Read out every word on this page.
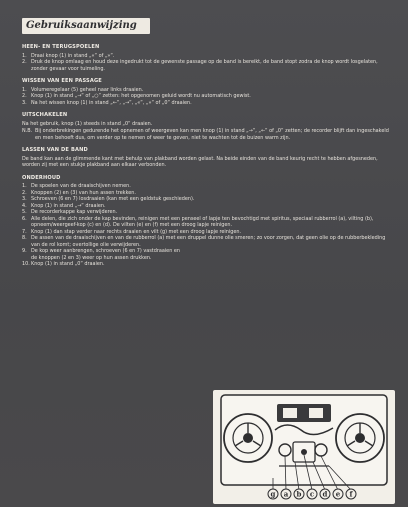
Gebruiksaanwijzing
HEEN- EN TERUGSPOELEN
1. Draai knop (1) in stand „«“ of „»“.
2. Druk de knop omlaag en houd deze ingedrukt tot de gewenste passage op de band is bereikt, de band stopt zodra de knop wordt losgelaten, zonder gevaar voor tuimeling.
WISSEN VAN EEN PASSAGE
1. Volumeregelaar (5) geheel naar links draaien.
2. Knop (1) in stand „→“ of „○“ zetten: het opgenomen geluid wordt nu automatisch gewist.
3. Na het wissen knop (1) in stand „←“, „→“, „«“, „»“ of „0“ draaien.
UITSCHAKELEN

Na het gebruik, knop (1) steeds in stand „0“ draaien.

N.B. Bij onderbrekingen gedurende het opnemen of weergeven kan men knop (1) in stand „→“, „←“ of „0“ zetten; de recorder blijft dan ingeschakeld en men behoeft dus, om verder op te nemen of weer te geven, niet te wachten tot de buizen warm zijn.
LASSEN VAN DE BAND

De band kan aan de glimmende kant met behulp van plakband worden gelast. Na beide einden van de band keurig recht te hebben afgesneden, worden zij met een stukje plakband aan elkaar verbonden.

ONDERHOUD
1. De spoelen van de draaischijven nemen.
2. Knoppen (2) en (3) van hun assen trekken.
3. Schroeven (6 en 7) losdraaien (kan met een geldstuk geschieden).
4. Knop (1) in stand „→“ draaien.
5. De recorderkappe kap verwijderen.
6. Alle delen, die zich onder de kap bevinden, reinigen met een penseel of lapje ten bevochtigd met spiritus, speciaal rubberrol (a), vilting (b), opneem/weergeef-kop (c) en (d). De vilten (e) en (f) met een droog lapje reinigen.
7. Knop (1) dan stap verder naar rechts draaien en vilt (g) met een droog lapje reinigen.
8. De assen van de draaischijven en van de rubberrol (a) met een druppel dunne olie smeren; zo voor zorgen, dat geen olie op de rubberbekleding van de rol komt; overtollige olie verwijderen.
9. De kop weer aanbrengen, schroeven (6 en 7) vastdraaien en de knoppen (2 en 3) weer op hun assen drukken.
10. Knop (1) in stand „0“ draaien.
g a b c d e f
